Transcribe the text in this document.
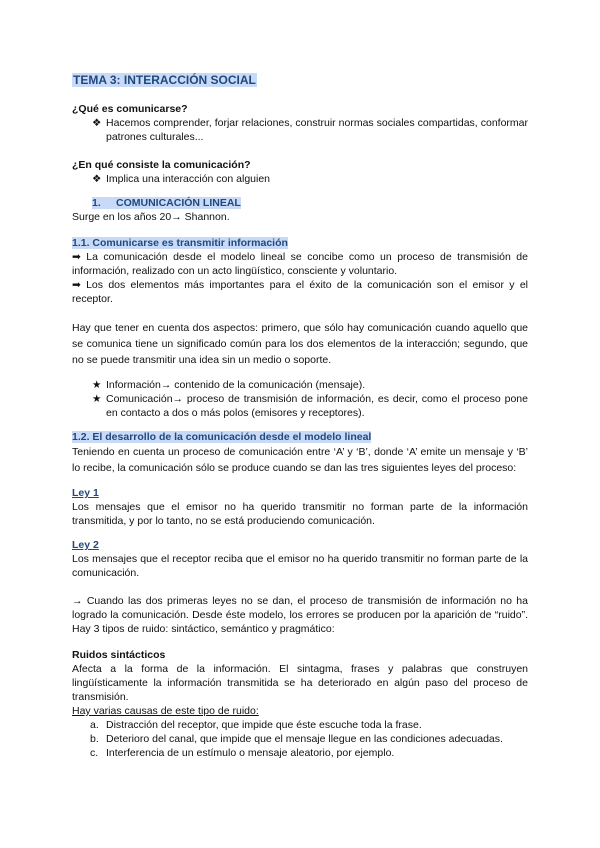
TEMA 3: INTERACCIÓN SOCIAL
¿Qué es comunicarse?
❖ Hacemos comprender, forjar relaciones, construir normas sociales compartidas, conformar patrones culturales...
¿En qué consiste la comunicación?
❖ Implica una interacción con alguien
1. COMUNICACIÓN LINEAL

Surge en los años 20→ Shannon.

1.1. Comunicarse es transmitir información

➡ La comunicación desde el modelo lineal se concibe como un proceso de transmisión de información, realizado con un acto lingüístico, consciente y voluntario.

➡ Los dos elementos más importantes para el éxito de la comunicación son el emisor y el receptor.

Hay que tener en cuenta dos aspectos: primero, que sólo hay comunicación cuando aquello que se comunica tiene un significado común para los dos elementos de la interacción; segundo, que no se puede transmitir una idea sin un medio o soporte.

★ Información→ contenido de la comunicación (mensaje).
★ Comunicación→ proceso de transmisión de información, es decir, como el proceso pone en contacto a dos o más polos (emisores y receptores).
1.2. El desarrollo de la comunicación desde el modelo lineal

Teniendo en cuenta un proceso de comunicación entre ‘A’ y ‘B’, donde ‘A’ emite un mensaje y ‘B’ lo recibe, la comunicación sólo se produce cuando se dan las tres siguientes leyes del proceso:

Ley 1

Los mensajes que el emisor no ha querido transmitir no forman parte de la información transmitida, y por lo tanto, no se está produciendo comunicación.

Ley 2

Los mensajes que el receptor reciba que el emisor no ha querido transmitir no forman parte de la comunicación.

→ Cuando las dos primeras leyes no se dan, el proceso de transmisión de información no ha logrado la comunicación. Desde éste modelo, los errores se producen por la aparición de “ruido”. Hay 3 tipos de ruido: sintáctico, semántico y pragmático:

Ruidos sintácticos

Afecta a la forma de la información. El sintagma, frases y palabras que construyen lingüísticamente la información transmitida se ha deteriorado en algún paso del proceso de transmisión.

Hay varias causas de este tipo de ruido:
a. Distracción del receptor, que impide que éste escuche toda la frase.
b. Deterioro del canal, que impide que el mensaje llegue en las condiciones adecuadas.
c. Interferencia de un estímulo o mensaje aleatorio, por ejemplo.
